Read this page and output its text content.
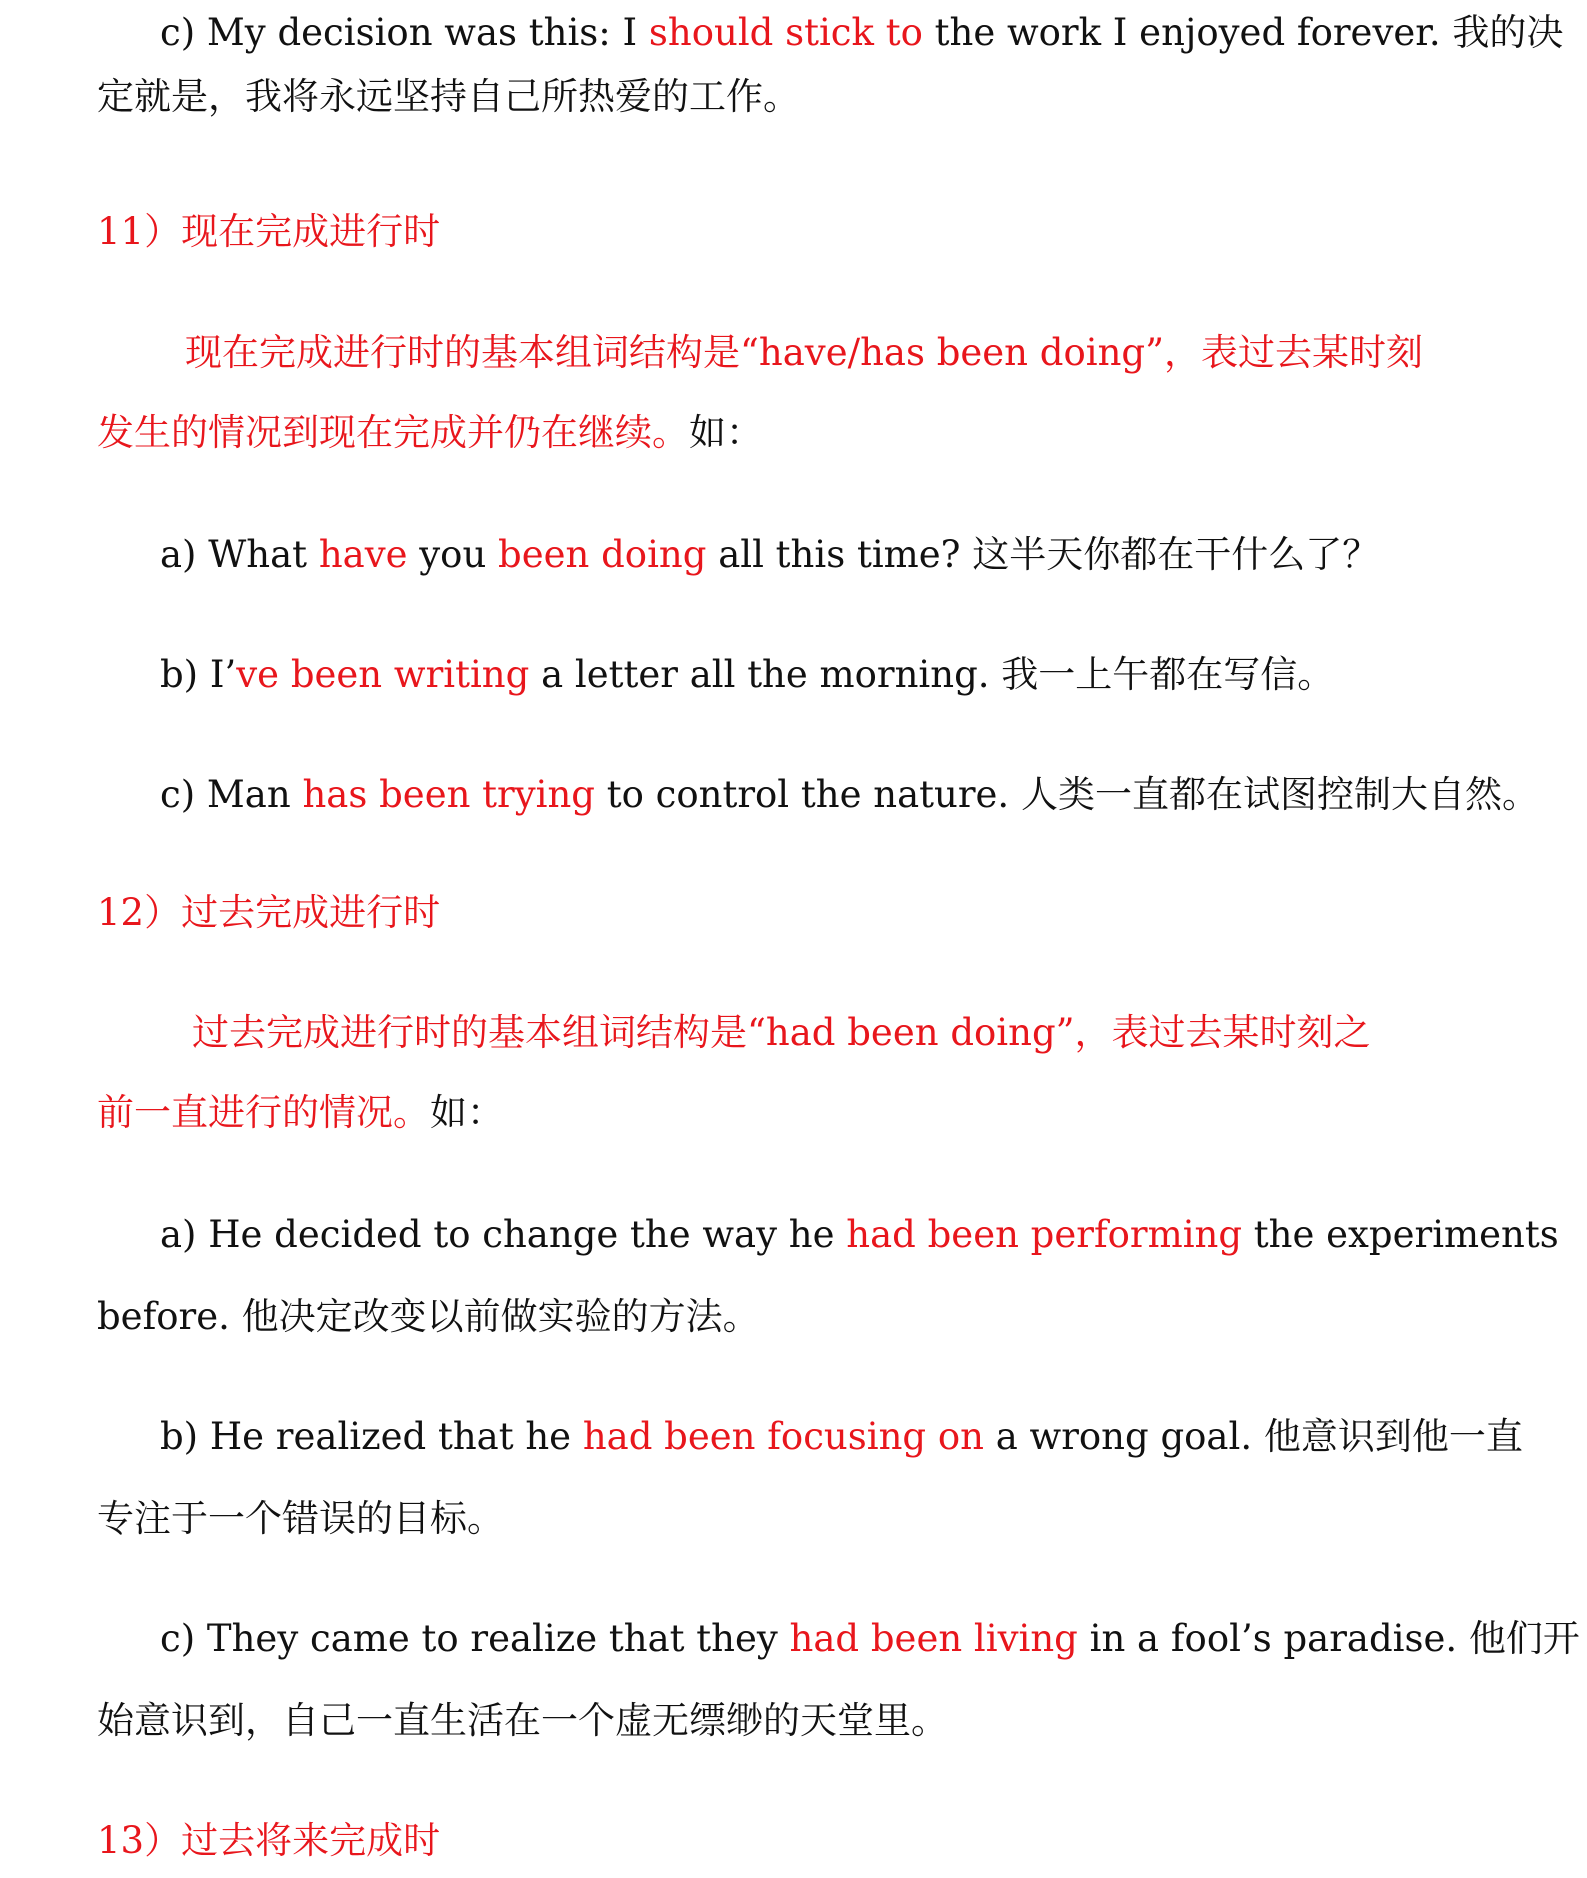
c) My decision was this: I should stick to the work I enjoyed forever. 我的决
定就是，我将永远坚持自己所热爱的工作。
11）现在完成进行时
现在完成进行时的基本组词结构是“have/has been doing”，表过去某时刻
发生的情况到现在完成并仍在继续。如：
a) What have you been doing all this time? 这半天你都在干什么了？
b) I’ve been writing a letter all the morning. 我一上午都在写信。
c) Man has been trying to control the nature. 人类一直都在试图控制大自然。
12）过去完成进行时
过去完成进行时的基本组词结构是“had been doing”，表过去某时刻之
前一直进行的情况。如：
a) He decided to change the way he had been performing the experiments
before. 他决定改变以前做实验的方法。
b) He realized that he had been focusing on a wrong goal. 他意识到他一直
专注于一个错误的目标。
c) They came to realize that they had been living in a fool’s paradise. 他们开
始意识到，自己一直生活在一个虚无缥缈的天堂里。
13）过去将来完成时
